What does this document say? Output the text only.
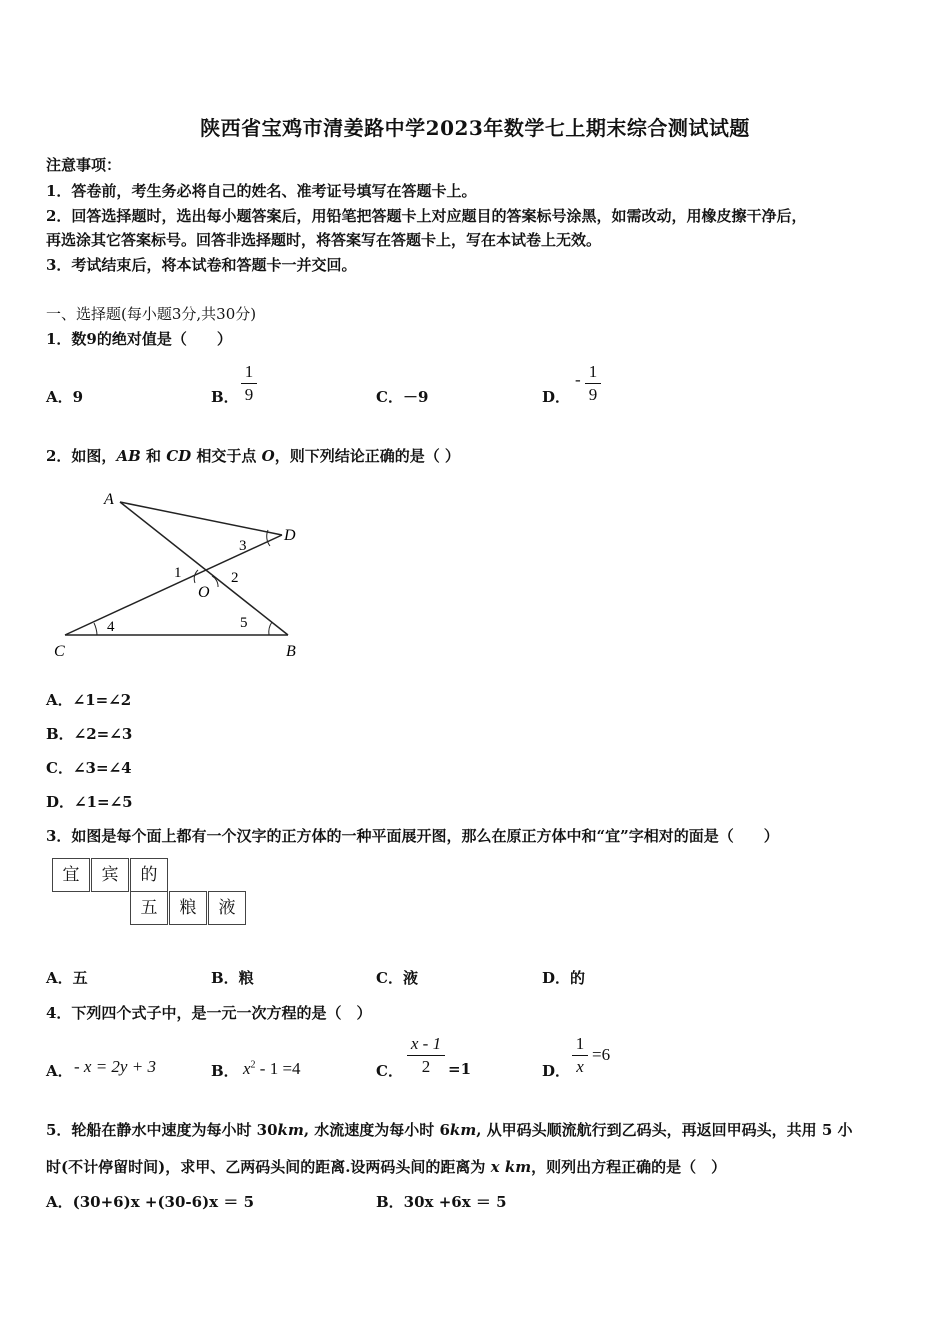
陕西省宝鸡市清姜路中学2023年数学七上期末综合测试试题
注意事项：
1．答卷前，考生务必将自己的姓名、准考证号填写在答题卡上。
2．回答选择题时，选出每小题答案后，用铅笔把答题卡上对应题目的答案标号涂黑，如需改动，用橡皮擦干净后，
再选涂其它答案标号。回答非选择题时，将答案写在答题卡上，写在本试卷上无效。
3．考试结束后，将本试卷和答题卡一并交回。
一、选择题(每小题3分,共30分)
1．数9的绝对值是（　　）
A．9	B．
1
9	C．－9	D．
- 1
9
2．如图，AB 和 CD 相交于点 O，则下列结论正确的是（ ）
A
D
C	B
O
1	2
3
4	5
A．∠1=∠2
B．∠2=∠3
C．∠3=∠4
D．∠1=∠5
3．如图是每个面上都有一个汉字的正方体的一种平面展开图，那么在原正方体中和“宜”字相对的面是（　　）
宜	宾	的
五	粮	液
A．五	B．粮	C．液	D．的
4．下列四个式子中，是一元一次方程的是（　）
A． - x = 2y + 3	B． $x^2 - 1 =4$	C．
x - 1
2	=1	D．
1
x
=6
5．轮船在静水中速度为每小时 30km, 水流速度为每小时 6km, 从甲码头顺流航行到乙码头，再返回甲码头，共用 5 小
时(不计停留时间)，求甲、乙两码头间的距离.设两码头间的距离为 x km，则列出方程正确的是（　）
A．(30+6)x +(30-6)x ＝ 5	B．30x +6x ＝ 5
